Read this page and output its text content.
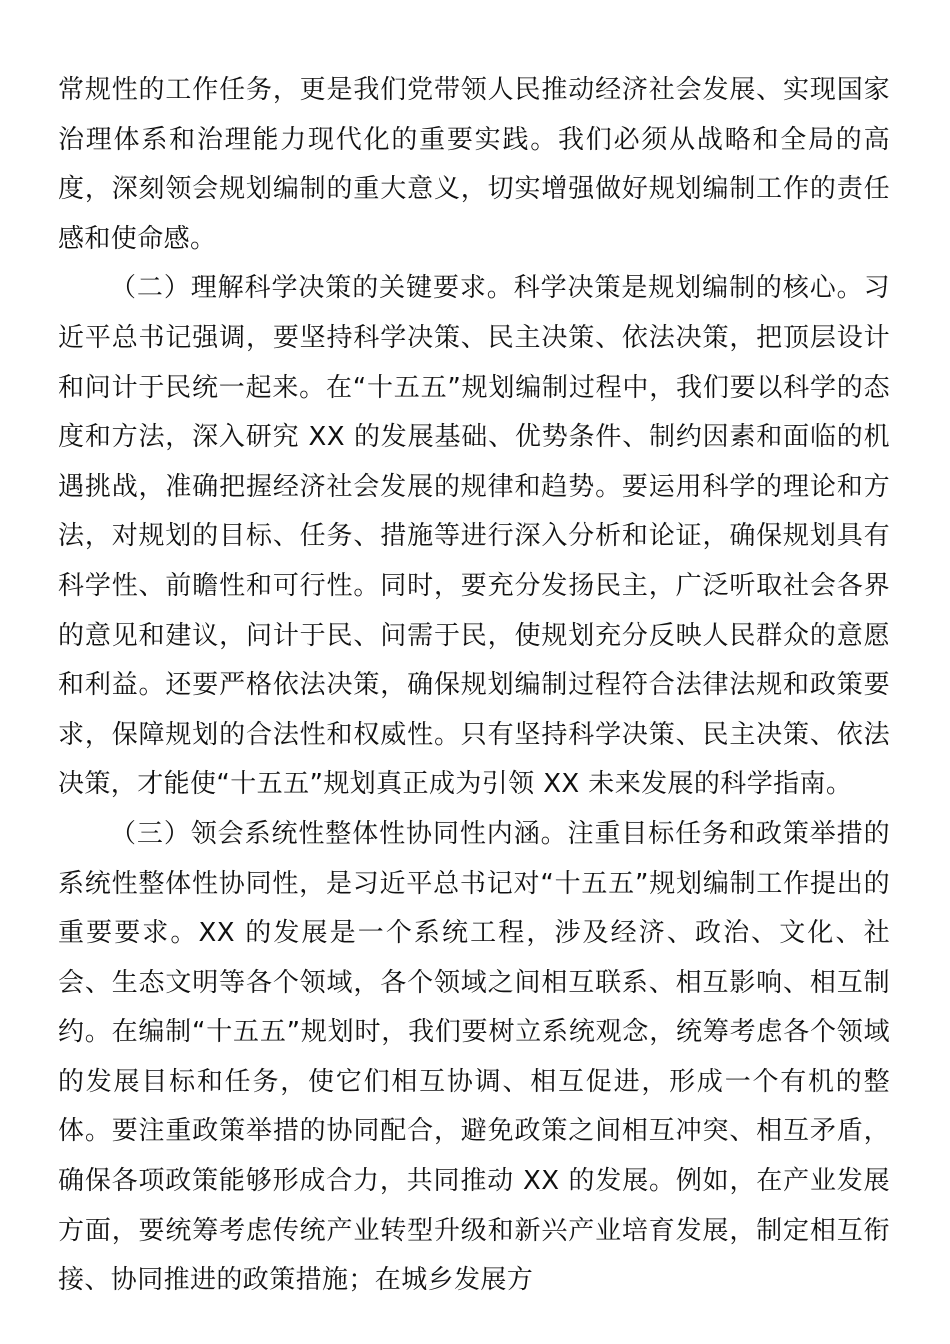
常规性的工作任务，更是我们党带领人民推动经济社会发展、实现国家治理体系和治理能力现代化的重要实践。我们必须从战略和全局的高度，深刻领会规划编制的重大意义，切实增强做好规划编制工作的责任感和使命感。

（二）理解科学决策的关键要求。科学决策是规划编制的核心。习近平总书记强调，要坚持科学决策、民主决策、依法决策，把顶层设计和问计于民统一起来。在“十五五”规划编制过程中，我们要以科学的态度和方法，深入研究 XX 的发展基础、优势条件、制约因素和面临的机遇挑战，准确把握经济社会发展的规律和趋势。要运用科学的理论和方法，对规划的目标、任务、措施等进行深入分析和论证，确保规划具有科学性、前瞻性和可行性。同时，要充分发扬民主，广泛听取社会各界的意见和建议，问计于民、问需于民，使规划充分反映人民群众的意愿和利益。还要严格依法决策，确保规划编制过程符合法律法规和政策要求，保障规划的合法性和权威性。只有坚持科学决策、民主决策、依法决策，才能使“十五五”规划真正成为引领 XX 未来发展的科学指南。

（三）领会系统性整体性协同性内涵。注重目标任务和政策举措的系统性整体性协同性，是习近平总书记对“十五五”规划编制工作提出的重要要求。XX 的发展是一个系统工程，涉及经济、政治、文化、社会、生态文明等各个领域，各个领域之间相互联系、相互影响、相互制约。在编制“十五五”规划时，我们要树立系统观念，统筹考虑各个领域的发展目标和任务，使它们相互协调、相互促进，形成一个有机的整体。要注重政策举措的协同配合，避免政策之间相互冲突、相互矛盾，确保各项政策能够形成合力，共同推动 XX 的发展。例如，在产业发展方面，要统筹考虑传统产业转型升级和新兴产业培育发展，制定相互衔接、协同推进的政策措施；在城乡发展方
